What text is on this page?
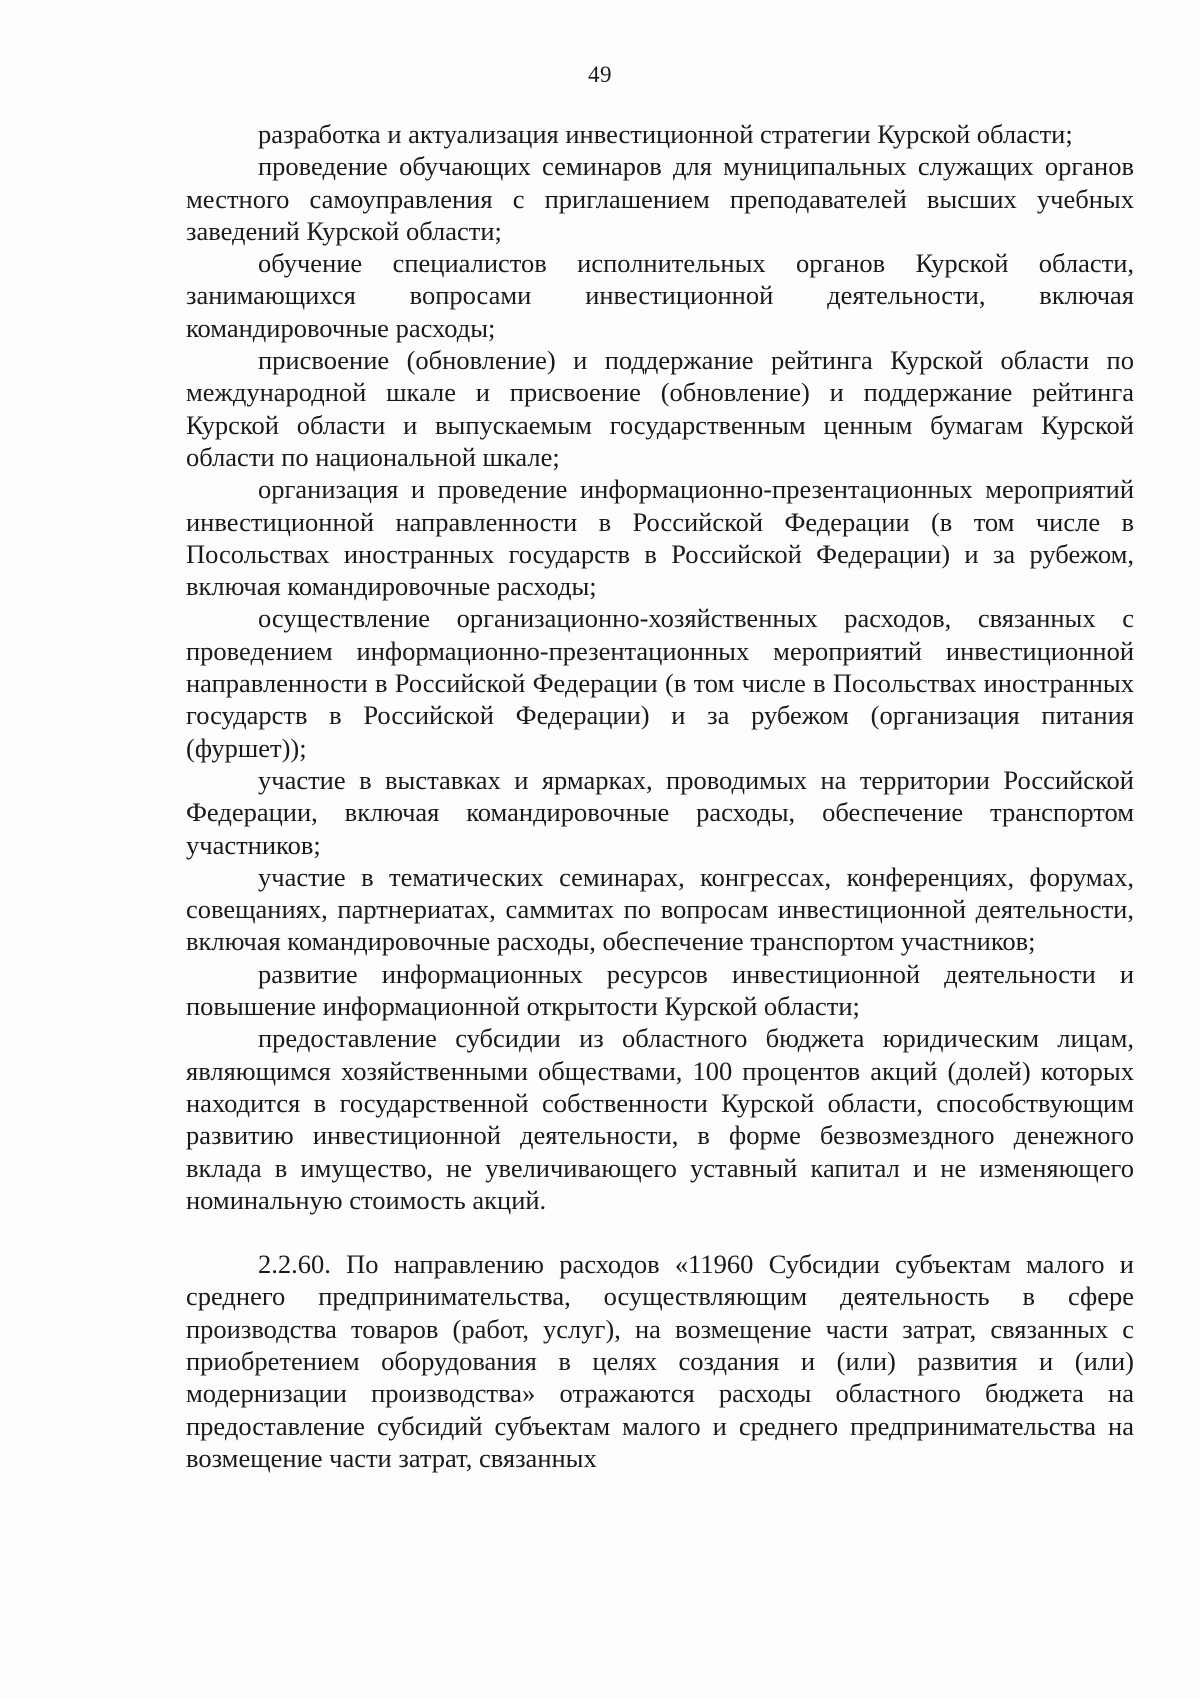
49

разработка и актуализация инвестиционной стратегии Курской области;

проведение обучающих семинаров для муниципальных служащих органов местного самоуправления с приглашением преподавателей высших учебных заведений Курской области;

обучение специалистов исполнительных органов Курской области, занимающихся вопросами инвестиционной деятельности, включая командировочные расходы;

присвоение (обновление) и поддержание рейтинга Курской области по международной шкале и присвоение (обновление) и поддержание рейтинга Курской области и выпускаемым государственным ценным бумагам Курской области по национальной шкале;

организация и проведение информационно-презентационных мероприятий инвестиционной направленности в Российской Федерации (в том числе в Посольствах иностранных государств в Российской Федерации) и за рубежом, включая командировочные расходы;

осуществление организационно-хозяйственных расходов, связанных с проведением информационно-презентационных мероприятий инвестиционной направленности в Российской Федерации (в том числе в Посольствах иностранных государств в Российской Федерации) и за рубежом (организация питания (фуршет));

участие в выставках и ярмарках, проводимых на территории Российской Федерации, включая командировочные расходы, обеспечение транспортом участников;

участие в тематических семинарах, конгрессах, конференциях, форумах, совещаниях, партнериатах, саммитах по вопросам инвестиционной деятельности, включая командировочные расходы, обеспечение транспортом участников;

развитие информационных ресурсов инвестиционной деятельности и повышение информационной открытости Курской области;

предоставление субсидии из областного бюджета юридическим лицам, являющимся хозяйственными обществами, 100 процентов акций (долей) которых находится в государственной собственности Курской области, способствующим развитию инвестиционной деятельности, в форме безвозмездного денежного вклада в имущество, не увеличивающего уставный капитал и не изменяющего номинальную стоимость акций.

2.2.60. По направлению расходов «11960 Субсидии субъектам малого и среднего предпринимательства, осуществляющим деятельность в сфере производства товаров (работ, услуг), на возмещение части затрат, связанных с приобретением оборудования в целях создания и (или) развития и (или) модернизации производства» отражаются расходы областного бюджета на предоставление субсидий субъектам малого и среднего предпринимательства на возмещение части затрат, связанных
